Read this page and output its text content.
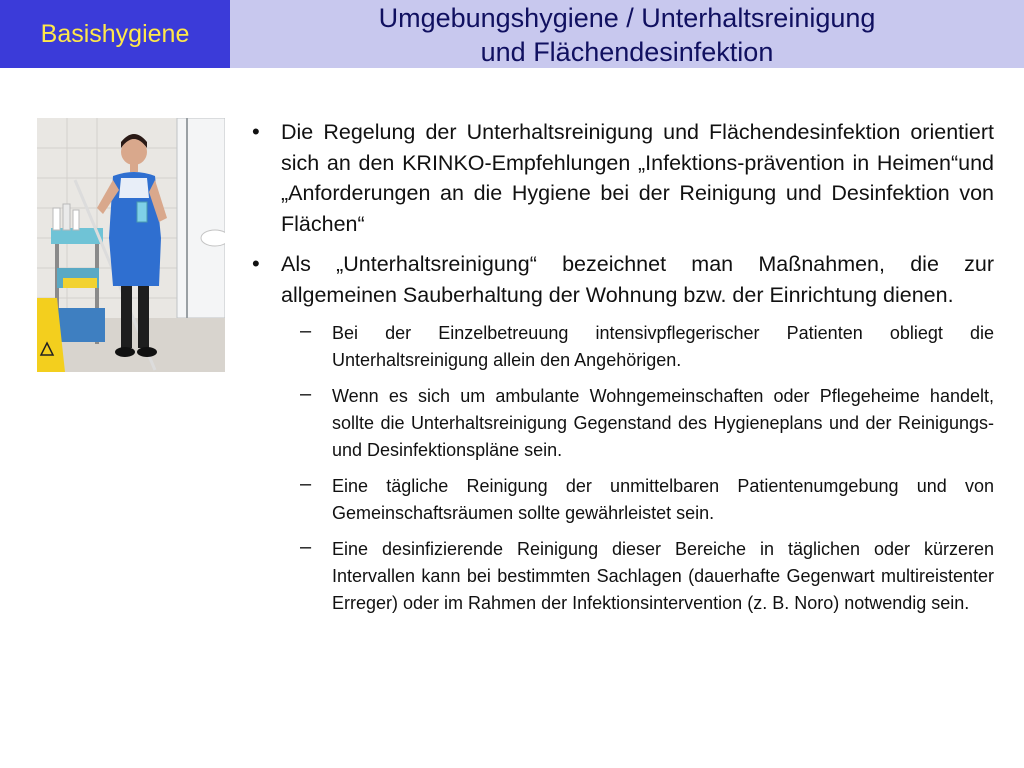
Basishygiene
Umgebungshygiene / Unterhaltsreinigung
und Flächendesinfektion
• Die Regelung der Unterhaltsreinigung und Flächendesinfektion orientiert sich an den KRINKO-Empfehlungen „Infektions-prävention in Heimen“und „Anforderungen an die Hygiene bei der Reinigung und Desinfektion von Flächen“
• Als „Unterhaltsreinigung“ bezeichnet man Maßnahmen, die zur allgemeinen Sauberhaltung der Wohnung bzw. der Einrichtung dienen.
– Bei der Einzelbetreuung intensivpflegerischer Patienten obliegt die Unterhaltsreinigung allein den Angehörigen.
– Wenn es sich um ambulante Wohngemeinschaften oder Pflegeheime handelt, sollte die Unterhaltsreinigung Gegenstand des Hygieneplans und der Reinigungs- und Desinfektionspläne sein.
– Eine tägliche Reinigung der unmittelbaren Patientenumgebung und von Gemeinschaftsräumen sollte gewährleistet sein.
– Eine desinfizierende Reinigung dieser Bereiche in täglichen oder kürzeren Intervallen kann bei bestimmten Sachlagen (dauerhafte Gegenwart multireistenter Erreger) oder im Rahmen der Infektionsintervention (z. B. Noro) notwendig sein.
